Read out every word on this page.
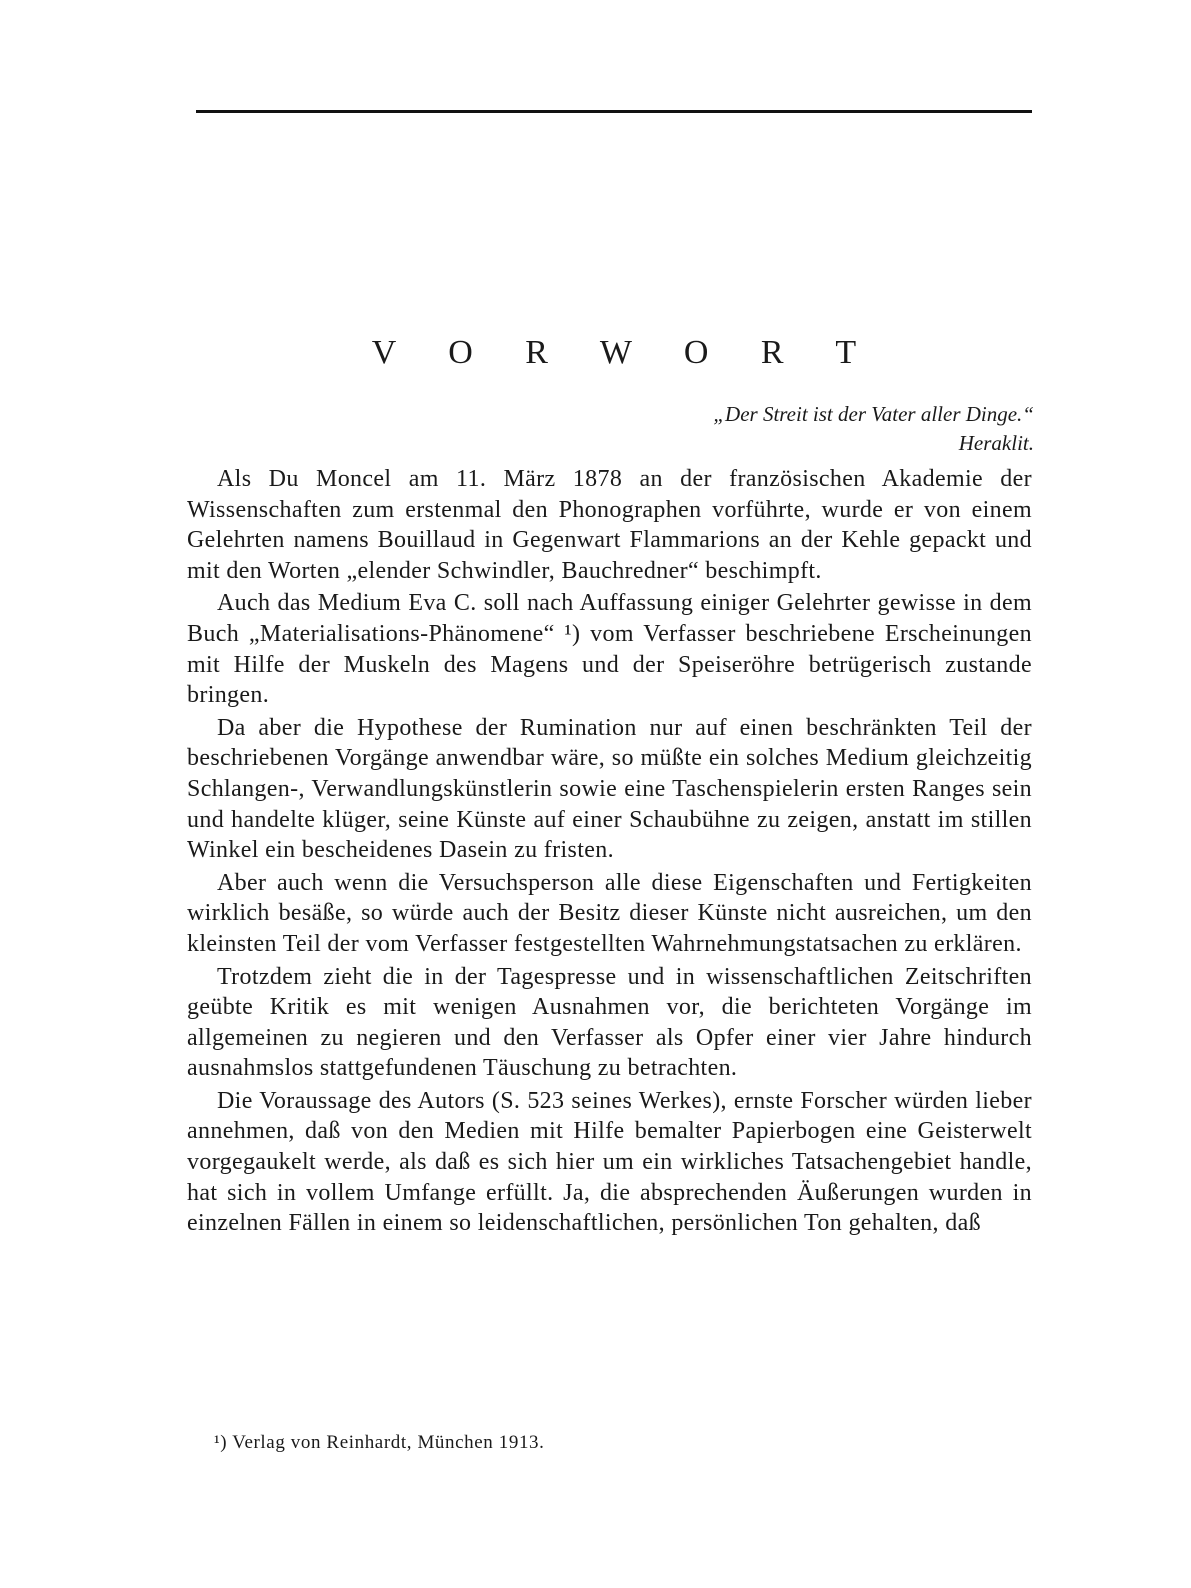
V O R W O R T
„Der Streit ist der Vater aller Dinge.“
Heraklit.

Als Du Moncel am 11. März 1878 an der französischen Akademie der Wissenschaften zum erstenmal den Phonographen vorführte, wurde er von einem Gelehrten namens Bouillaud in Gegenwart Flammarions an der Kehle gepackt und mit den Worten „elender Schwindler, Bauchredner“ beschimpft.

Auch das Medium Eva C. soll nach Auffassung einiger Gelehrter gewisse in dem Buch „Materialisations-Phänomene“ ¹) vom Verfasser beschriebene Erscheinungen mit Hilfe der Muskeln des Magens und der Speiseröhre betrügerisch zustande bringen.

Da aber die Hypothese der Rumination nur auf einen beschränkten Teil der beschriebenen Vorgänge anwendbar wäre, so müßte ein solches Medium gleichzeitig Schlangen-, Verwandlungskünstlerin sowie eine Taschenspielerin ersten Ranges sein und handelte klüger, seine Künste auf einer Schaubühne zu zeigen, anstatt im stillen Winkel ein bescheidenes Dasein zu fristen.

Aber auch wenn die Versuchsperson alle diese Eigenschaften und Fertigkeiten wirklich besäße, so würde auch der Besitz dieser Künste nicht ausreichen, um den kleinsten Teil der vom Verfasser festgestellten Wahrnehmungstatsachen zu erklären.

Trotzdem zieht die in der Tagespresse und in wissenschaftlichen Zeitschriften geübte Kritik es mit wenigen Ausnahmen vor, die berichteten Vorgänge im allgemeinen zu negieren und den Verfasser als Opfer einer vier Jahre hindurch ausnahmslos stattgefundenen Täuschung zu betrachten.

Die Voraussage des Autors (S. 523 seines Werkes), ernste Forscher würden lieber annehmen, daß von den Medien mit Hilfe bemalter Papierbogen eine Geisterwelt vorgegaukelt werde, als daß es sich hier um ein wirkliches Tatsachengebiet handle, hat sich in vollem Umfange erfüllt. Ja, die absprechenden Äußerungen wurden in einzelnen Fällen in einem so leidenschaftlichen, persönlichen Ton gehalten, daß

¹) Verlag von Reinhardt, München 1913.
